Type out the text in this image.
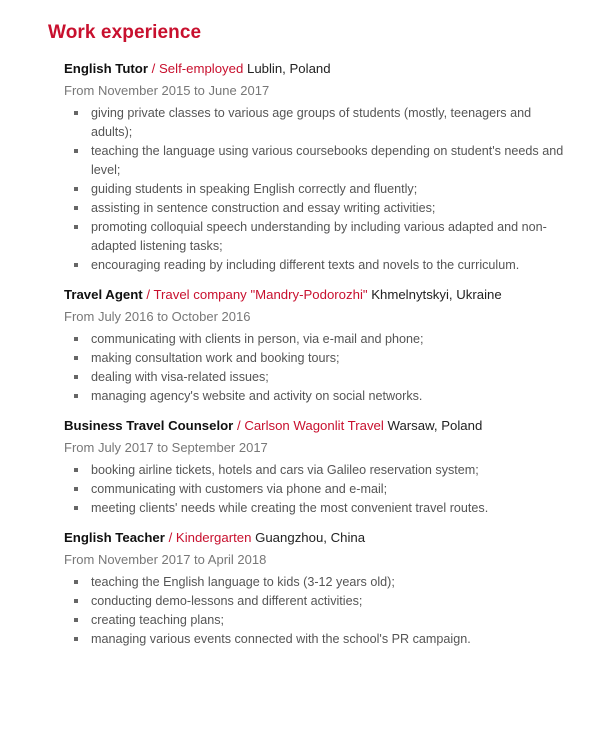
Work experience

English Tutor / Self-employed Lublin, Poland

From November 2015 to June 2017
giving private classes to various age groups of students (mostly, teenagers and adults);
teaching the language using various coursebooks depending on student's needs and level;
guiding students in speaking English correctly and fluently;
assisting in sentence construction and essay writing activities;
promoting colloquial speech understanding by including various adapted and non-adapted listening tasks;
encouraging reading by including different texts and novels to the curriculum.

Travel Agent / Travel company "Mandry-Podorozhi" Khmelnytskyi, Ukraine

From July 2016 to October 2016
communicating with clients in person, via e-mail and phone;
making consultation work and booking tours;
dealing with visa-related issues;
managing agency's website and activity on social networks.

Business Travel Counselor / Carlson Wagonlit Travel Warsaw, Poland

From July 2017 to September 2017
booking airline tickets, hotels and cars via Galileo reservation system;
communicating with customers via phone and e-mail;
meeting clients' needs while creating the most convenient travel routes.

English Teacher / Kindergarten Guangzhou, China

From November 2017 to April 2018
teaching the English language to kids (3-12 years old);
conducting demo-lessons and different activities;
creating teaching plans;
managing various events connected with the school's PR campaign.
